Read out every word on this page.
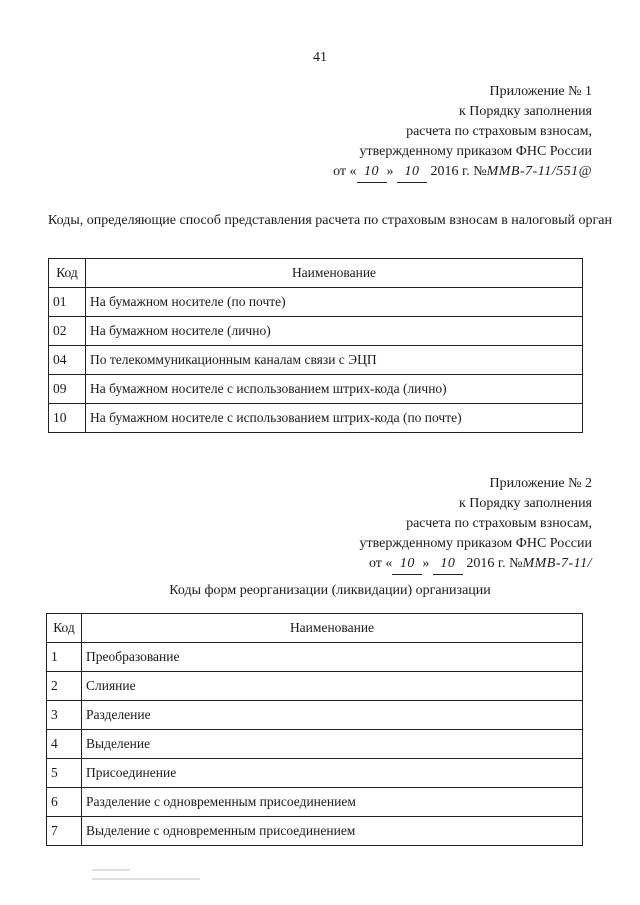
41
Приложение № 1
к Порядку заполнения
расчета по страховым взносам,
утвержденному приказом ФНС России
от « 10 » 10 2016 г. №ММВ-7-11/551@
Коды, определяющие способ представления расчета по страховым взносам в налоговый орган
Код	Наименование
01	На бумажном носителе (по почте)
02	На бумажном носителе (лично)
04	По телекоммуникационным каналам связи с ЭЦП
09	На бумажном носителе с использованием штрих-кода (лично)
10	На бумажном носителе с использованием штрих-кода (по почте)
Приложение № 2
к Порядку заполнения
расчета по страховым взносам,
утвержденному приказом ФНС России
от « 10 » 10 2016 г. №ММВ-7-11/
Коды форм реорганизации (ликвидации) организации
Код	Наименование
1	Преобразование
2	Слияние
3	Разделение
4	Выделение
5	Присоединение
6	Разделение с одновременным присоединением
7	Выделение с одновременным присоединением
